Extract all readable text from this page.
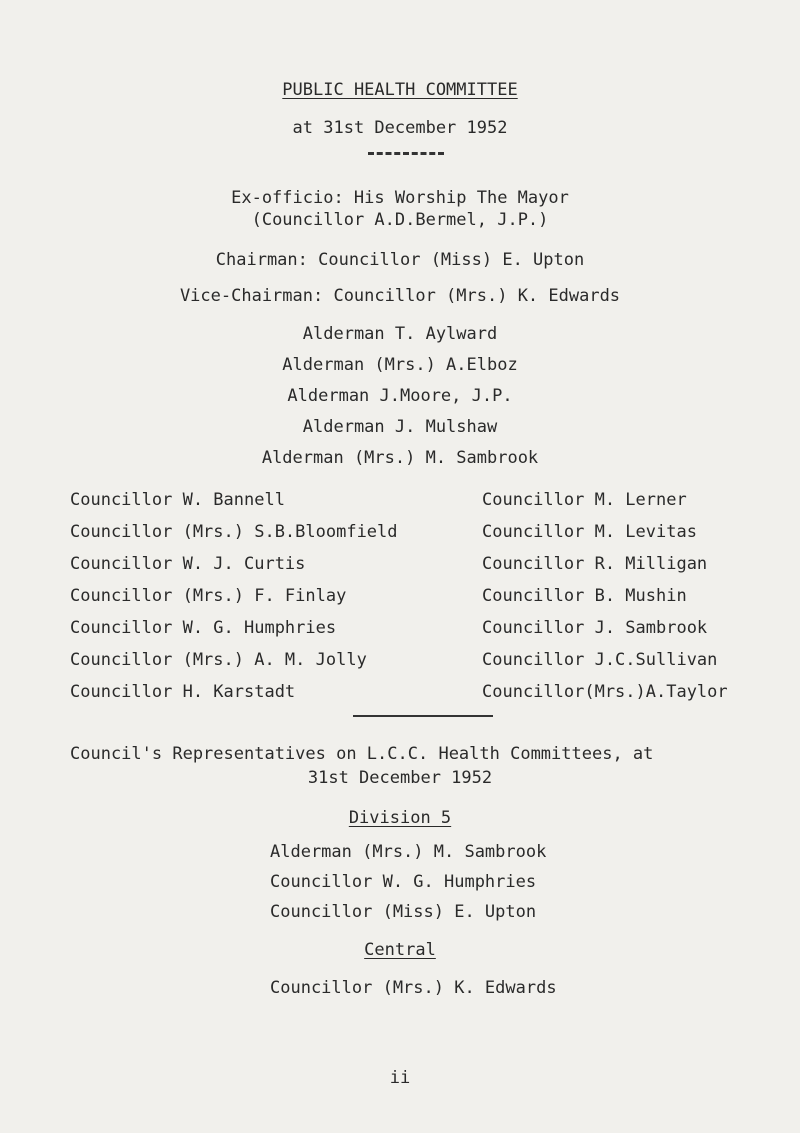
PUBLIC HEALTH COMMITTEE
at 31st December 1952
Ex-officio: His Worship The Mayor
(Councillor A.D.Bermel, J.P.)
Chairman: Councillor (Miss) E. Upton
Vice-Chairman: Councillor (Mrs.) K. Edwards
Alderman T. Aylward
Alderman (Mrs.) A.Elboz
Alderman J.Moore, J.P.
Alderman J. Mulshaw
Alderman (Mrs.) M. Sambrook
Councillor W. Bannell
Councillor (Mrs.) S.B.Bloomfield
Councillor W. J. Curtis
Councillor (Mrs.) F. Finlay
Councillor W. G. Humphries
Councillor (Mrs.) A. M. Jolly
Councillor H. Karstadt
Councillor M. Lerner
Councillor M. Levitas
Councillor R. Milligan
Councillor B. Mushin
Councillor J. Sambrook
Councillor J.C.Sullivan
Councillor(Mrs.)A.Taylor
Council's Representatives on L.C.C. Health Committees, at
31st December 1952
Division 5
Alderman (Mrs.) M. Sambrook
Councillor W. G. Humphries
Councillor (Miss) E. Upton
Central
Councillor (Mrs.) K. Edwards
ii
